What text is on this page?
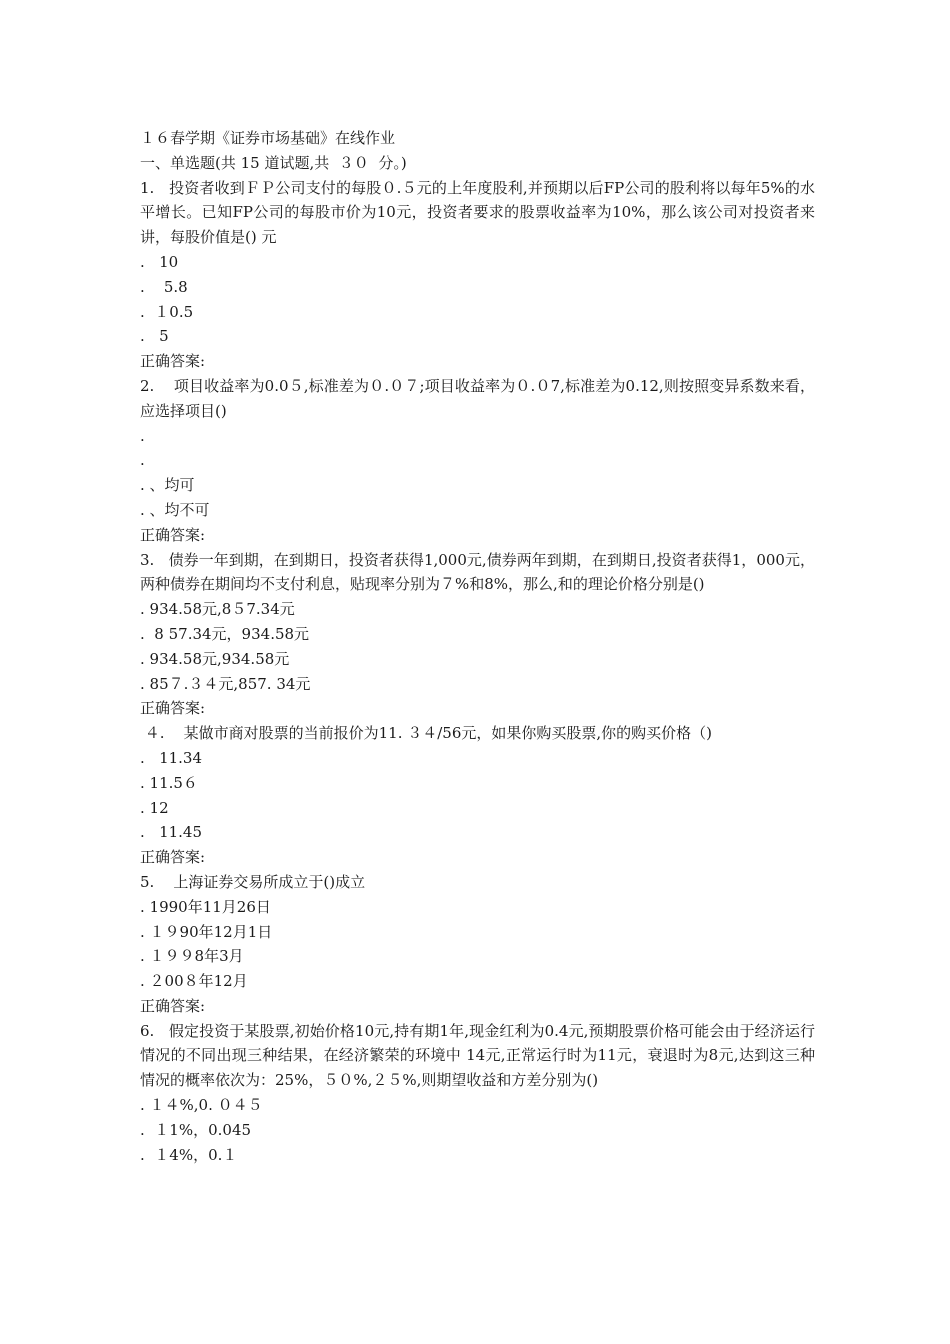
１６春学期《证券市场基础》在线作业

一、单选题(共 15 道试题,共  ３０  分。)

1.   投资者收到ＦＰ公司支付的每股０.５元的上年度股利,并预期以后FP公司的股利将以每年5%的水平增长。已知FP公司的每股市价为10元，投资者要求的股票收益率为10%，那么该公司对投资者来讲，每股价值是() 元

.   10

.    5.8

.  １0.5

.   5

正确答案:

2.    项目收益率为0.0５,标准差为０.０７;项目收益率为０.０7,标准差为0.12,则按照变异系数来看，应选择项目()

.

.

. 、均可

. 、均不可

正确答案:

3.   债券一年到期，在到期日，投资者获得1,000元,债券两年到期，在到期日,投资者获得1，000元，两种债券在期间均不支付利息，贴现率分别为７%和8%，那么,和的理论价格分别是()

. 934.58元,8５7.34元

.  8 57.34元，934.58元

. 934.58元,934.58元

. 85７.３４元,857. 34元

正确答案:

４.    某做市商对股票的当前报价为11. ３４/56元，如果你购买股票,你的购买价格（)

.   11.34

. 11.5６

. 12

.   11.45

正确答案:

5.    上海证券交易所成立于()成立

. 1990年11月26日

. １９90年12月1日

. １９９8年3月

. ２00８年12月

正确答案:

6.   假定投资于某股票,初始价格10元,持有期1年,现金红利为0.4元,预期股票价格可能会由于经济运行情况的不同出现三种结果，在经济繁荣的环境中 14元,正常运行时为11元，衰退时为8元,达到这三种情况的概率依次为：25%，５０%,２５%,则期望收益和方差分别为()

. １４%,0. ０４５

.  １1%，0.045

.  １4%，0.１
